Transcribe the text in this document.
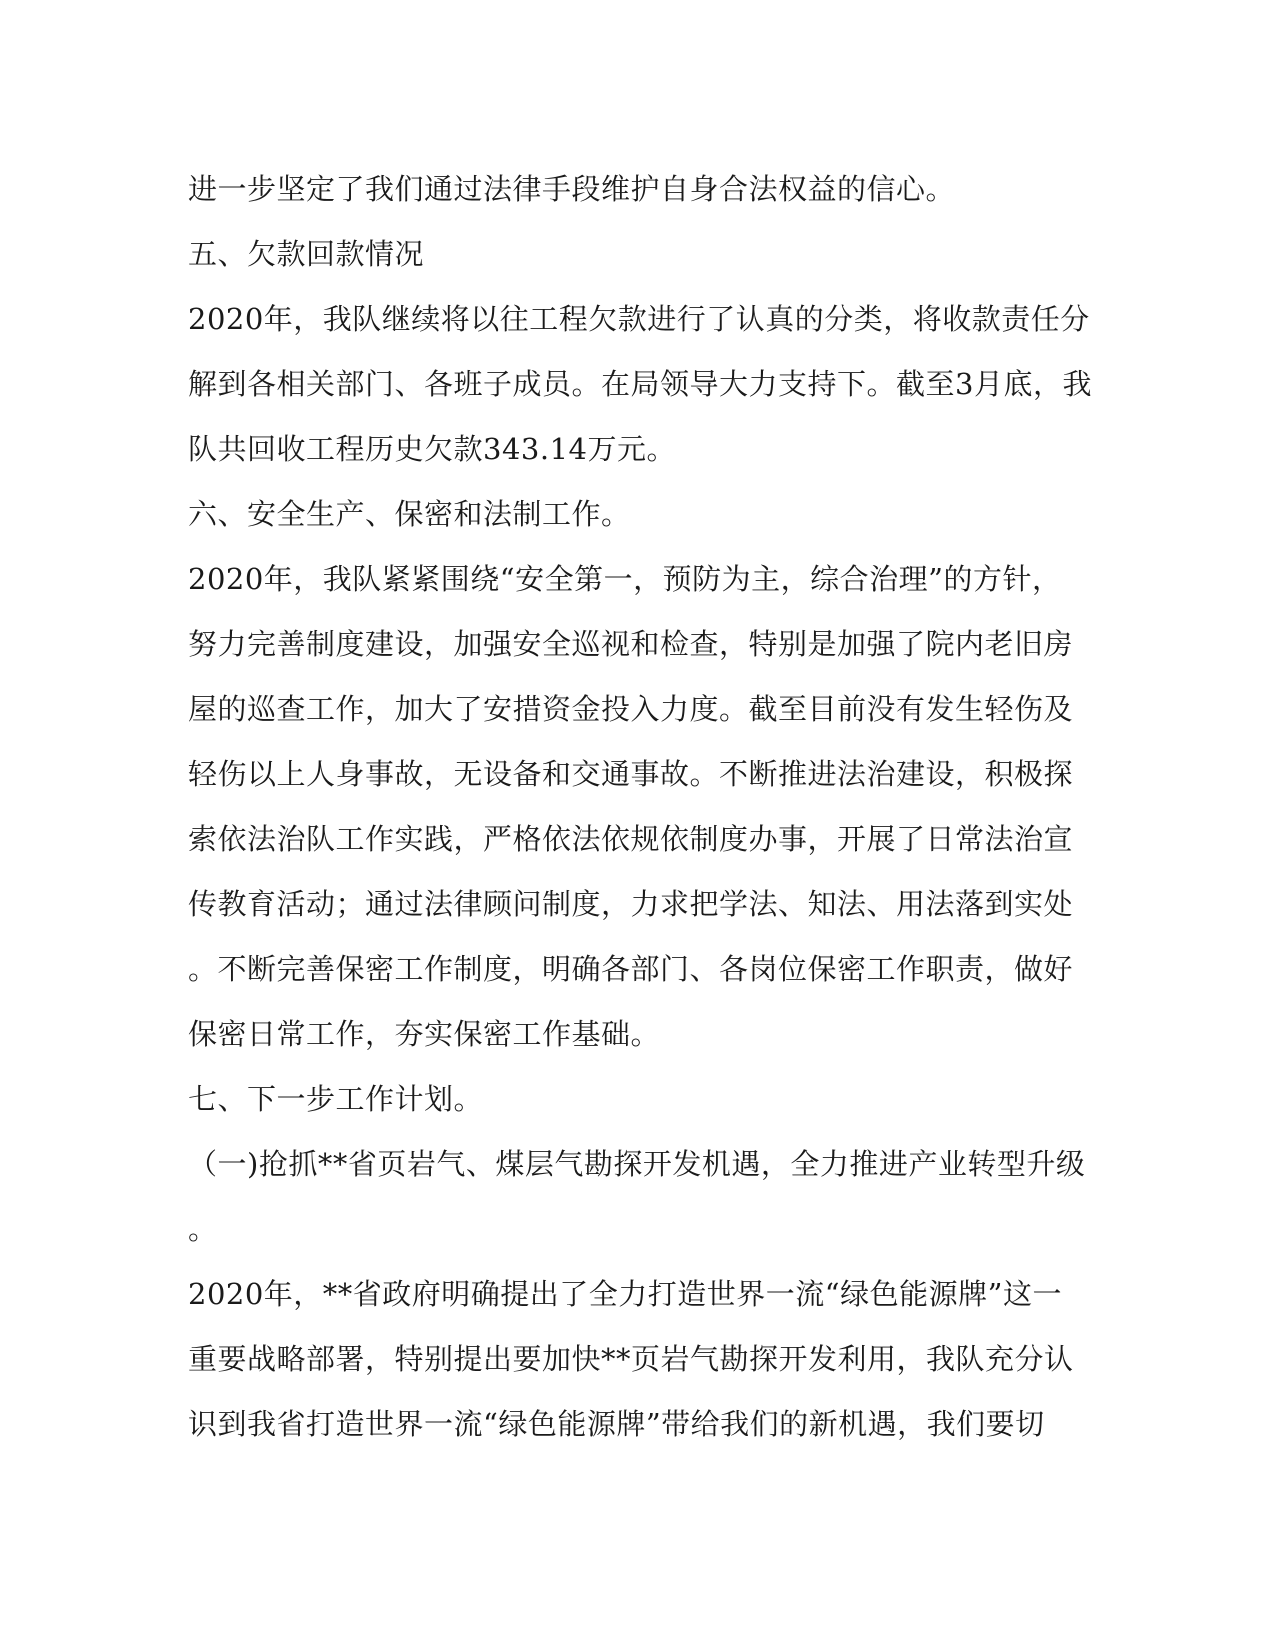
进一步坚定了我们通过法律手段维护自身合法权益的信心。
五、欠款回款情况
2020年，我队继续将以往工程欠款进行了认真的分类，将收款责任分
解到各相关部门、各班子成员。在局领导大力支持下。截至3月底，我
队共回收工程历史欠款343.14万元。
六、安全生产、保密和法制工作。
2020年，我队紧紧围绕“安全第一，预防为主，综合治理”的方针，
努力完善制度建设，加强安全巡视和检查，特别是加强了院内老旧房
屋的巡查工作，加大了安措资金投入力度。截至目前没有发生轻伤及
轻伤以上人身事故，无设备和交通事故。不断推进法治建设，积极探
索依法治队工作实践，严格依法依规依制度办事，开展了日常法治宣
传教育活动；通过法律顾问制度，力求把学法、知法、用法落到实处
。不断完善保密工作制度，明确各部门、各岗位保密工作职责，做好
保密日常工作，夯实保密工作基础。
七、下一步工作计划。
（一)抢抓**省页岩气、煤层气勘探开发机遇，全力推进产业转型升级
。
2020年，**省政府明确提出了全力打造世界一流“绿色能源牌”这一
重要战略部署，特别提出要加快**页岩气勘探开发利用，我队充分认
识到我省打造世界一流“绿色能源牌”带给我们的新机遇，我们要切
